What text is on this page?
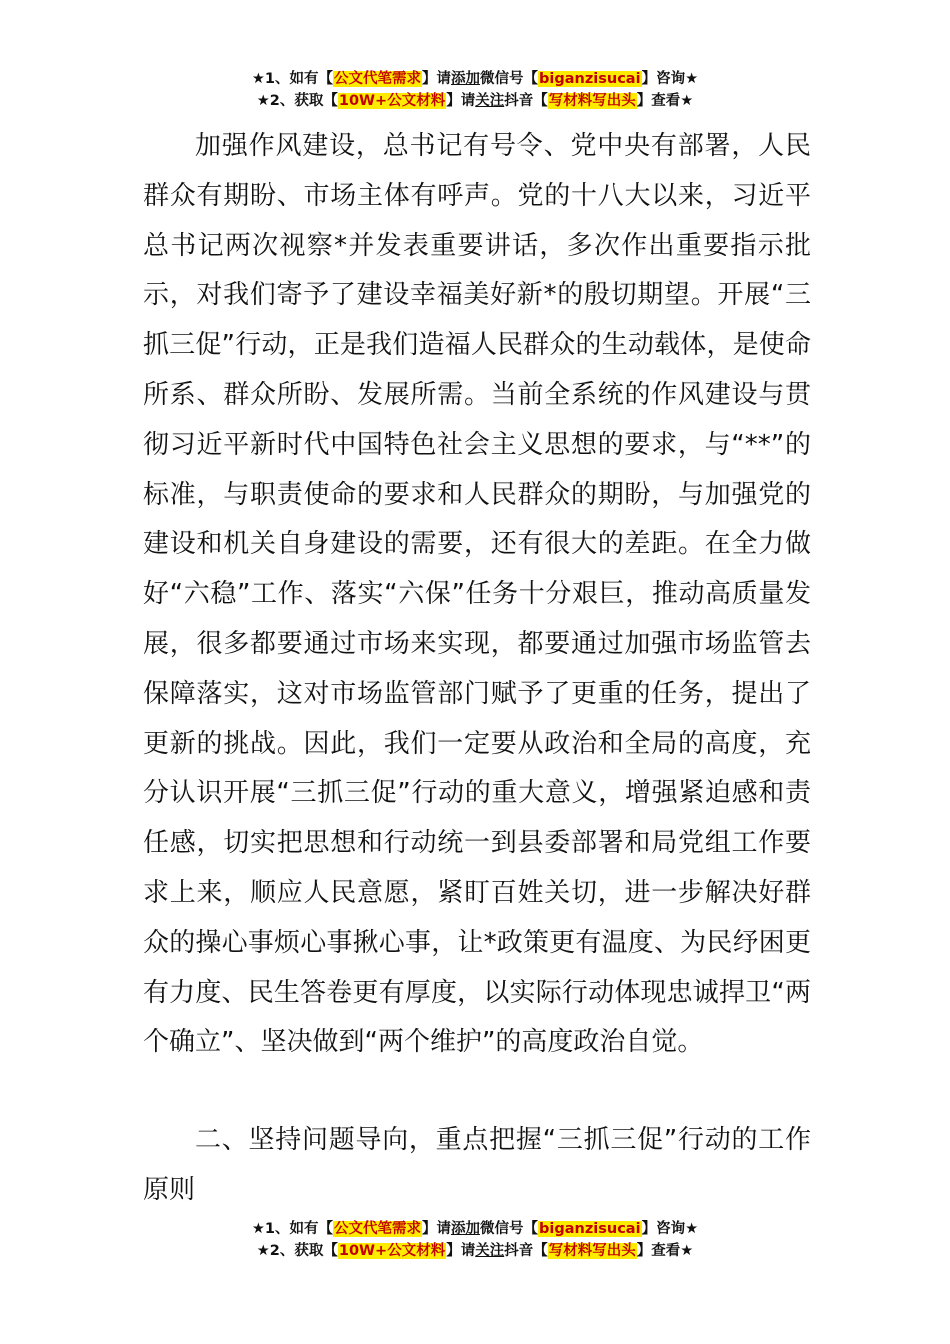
★1、如有【公文代笔需求】请添加微信号【biganzisucai】咨询★
★2、获取【10W+公文材料】请关注抖音【写材料写出头】查看★

加强作风建设，总书记有号令、党中央有部署，人民群众有期盼、市场主体有呼声。党的十八大以来，习近平总书记两次视察*并发表重要讲话，多次作出重要指示批示，对我们寄予了建设幸福美好新*的殷切期望。开展“三抓三促”行动，正是我们造福人民群众的生动载体，是使命所系、群众所盼、发展所需。当前全系统的作风建设与贯彻习近平新时代中国特色社会主义思想的要求，与“**”的标准，与职责使命的要求和人民群众的期盼，与加强党的建设和机关自身建设的需要，还有很大的差距。在全力做好“六稳”工作、落实“六保”任务十分艰巨，推动高质量发展，很多都要通过市场来实现，都要通过加强市场监管去保障落实，这对市场监管部门赋予了更重的任务，提出了更新的挑战。因此，我们一定要从政治和全局的高度，充分认识开展“三抓三促”行动的重大意义，增强紧迫感和责任感，切实把思想和行动统一到县委部署和局党组工作要求上来，顺应人民意愿，紧盯百姓关切，进一步解决好群众的操心事烦心事揪心事，让*政策更有温度、为民纾困更有力度、民生答卷更有厚度，以实际行动体现忠诚捍卫“两个确立”、坚决做到“两个维护”的高度政治自觉。

二、坚持问题导向，重点把握“三抓三促”行动的工作原则

★1、如有【公文代笔需求】请添加微信号【biganzisucai】咨询★
★2、获取【10W+公文材料】请关注抖音【写材料写出头】查看★
